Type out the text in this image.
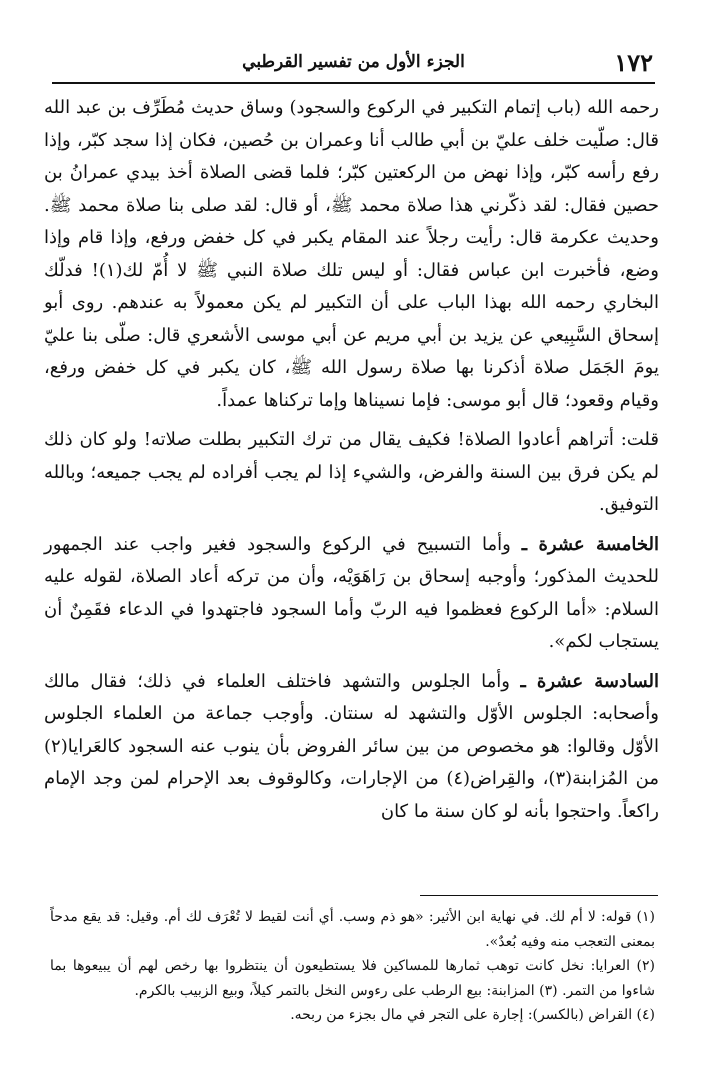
١٧٢
الجزء الأول من تفسير القرطبي

رحمه الله (باب إتمام التكبير في الركوع والسجود) وساق حديث مُطَرِّف بن عبد الله قال: صلّيت خلف عليّ بن أبي طالب أنا وعمران بن حُصين، فكان إذا سجد كبّر، وإذا رفع رأسه كبّر، وإذا نهض من الركعتين كبّر؛ فلما قضى الصلاة أخذ بيدي عمرانُ بن حصين فقال: لقد ذكّرني هذا صلاة محمد ﷺ، أو قال: لقد صلى بنا صلاة محمد ﷺ. وحديث عكرمة قال: رأيت رجلاً عند المقام يكبر في كل خفض ورفع، وإذا قام وإذا وضع، فأخبرت ابن عباس فقال: أو ليس تلك صلاة النبي ﷺ لا أُمّ لك(١)! فدلّك البخاري رحمه الله بهذا الباب على أن التكبير لم يكن معمولاً به عندهم. روى أبو إسحاق السَّبِيعي عن يزيد بن أبي مريم عن أبي موسى الأشعري قال: صلّى بنا عليّ يومَ الجَمَل صلاة أذكرنا بها صلاة رسول الله ﷺ، كان يكبر في كل خفض ورفع، وقيام وقعود؛ قال أبو موسى: فإما نسيناها وإما تركناها عمداً.

قلت: أتراهم أعادوا الصلاة! فكيف يقال من ترك التكبير بطلت صلاته! ولو كان ذلك لم يكن فرق بين السنة والفرض، والشيء إذا لم يجب أفراده لم يجب جميعه؛ وبالله التوفيق.

الخامسة عشرة ـ وأما التسبيح في الركوع والسجود فغير واجب عند الجمهور للحديث المذكور؛ وأوجبه إسحاق بن رَاهَوَيْه، وأن من تركه أعاد الصلاة، لقوله عليه السلام: «أما الركوع فعظموا فيه الربّ وأما السجود فاجتهدوا في الدعاء فقَمِنٌ أن يستجاب لكم».

السادسة عشرة ـ وأما الجلوس والتشهد فاختلف العلماء في ذلك؛ فقال مالك وأصحابه: الجلوس الأوّل والتشهد له سنتان. وأوجب جماعة من العلماء الجلوس الأوّل وقالوا: هو مخصوص من بين سائر الفروض بأن ينوب عنه السجود كالعَرايا(٢) من المُزابنة(٣)، والقِراض(٤) من الإجارات، وكالوقوف بعد الإحرام لمن وجد الإمام راكعاً. واحتجوا بأنه لو كان سنة ما كان

(١) قوله: لا أم لك. في نهاية ابن الأثير: «هو ذم وسب. أي أنت لقيط لا تُعْرَف لك أم. وقيل: قد يقع مدحاً بمعنى التعجب منه وفيه بُعدٌ».

(٢) العرايا: نخل كانت توهب ثمارها للمساكين فلا يستطيعون أن ينتظروا بها رخص لهم أن يبيعوها بما شاءوا من التمر. (٣) المزابنة: بيع الرطب على رءوس النخل بالتمر كيلاً، وبيع الزبيب بالكرم.

(٤) القراض (بالكسر): إجارة على التجر في مال بجزء من ربحه.
